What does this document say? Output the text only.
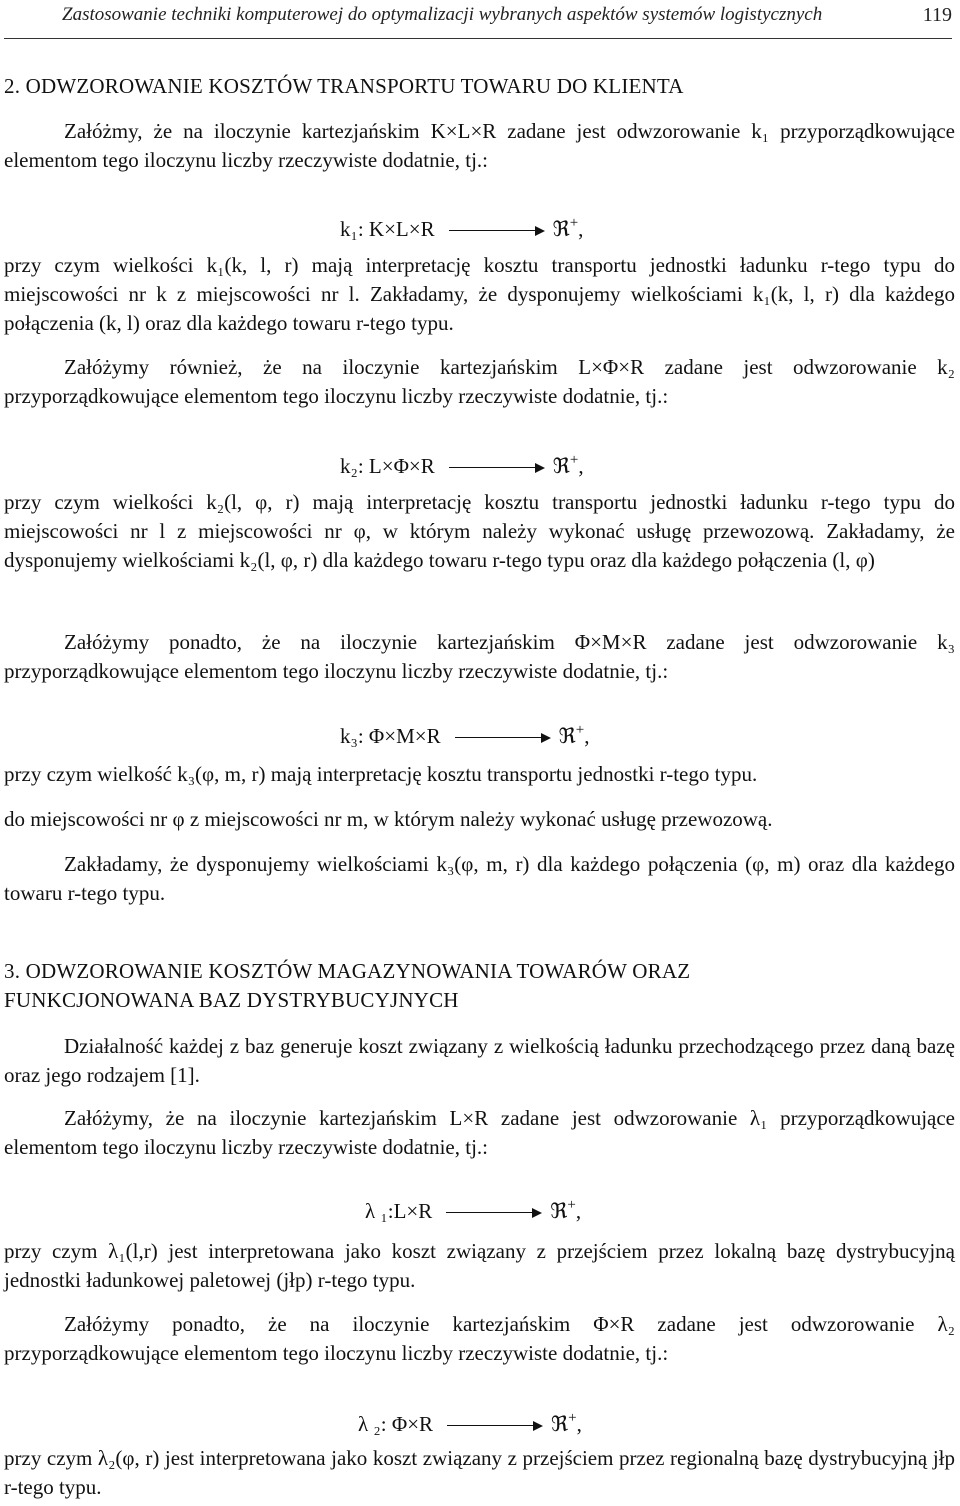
Zastosowanie techniki komputerowej do optymalizacji wybranych aspektów systemów logistycznych	119
2. ODWZOROWANIE KOSZTÓW TRANSPORTU TOWARU DO KLIENTA
Załóżmy, że na iloczynie kartezjańskim K×L×R zadane jest odwzorowanie k₁ przyporządkowujące elementom tego iloczynu liczby rzeczywiste dodatnie, tj.:
k₁: K×L×R	ℜ+,
przy czym wielkości k₁(k, l, r) mają interpretację kosztu transportu jednostki ładunku r-tego typu do miejscowości nr k z miejscowości nr l. Zakładamy, że dysponujemy wielkościami k₁(k, l, r) dla każdego połączenia (k, l) oraz dla każdego towaru r-tego typu.
Załóżymy również, że na iloczynie kartezjańskim L×Φ×R zadane jest odwzorowanie k₂ przyporządkowujące elementom tego iloczynu liczby rzeczywiste dodatnie, tj.:
k₂: L×Φ×R	ℜ+,
przy czym wielkości k₂(l, φ, r) mają interpretację kosztu transportu jednostki ładunku r-tego typu do miejscowości nr l z miejscowości nr φ, w którym należy wykonać usługę przewozową. Zakładamy, że dysponujemy wielkościami k₂(l, φ, r) dla każdego towaru r-tego typu oraz dla każdego połączenia (l, φ)
Załóżymy ponadto, że na iloczynie kartezjańskim Φ×M×R zadane jest odwzorowanie k₃ przyporządkowujące elementom tego iloczynu liczby rzeczywiste dodatnie, tj.:
k₃: Φ×M×R	ℜ+,
przy czym wielkość k₃(φ, m, r) mają interpretację kosztu transportu jednostki r-tego typu.
do miejscowości nr φ z miejscowości nr m, w którym należy wykonać usługę przewozową.
Zakładamy, że dysponujemy wielkościami k₃(φ, m, r) dla każdego połączenia (φ, m) oraz dla każdego towaru r-tego typu.
3. ODWZOROWANIE KOSZTÓW MAGAZYNOWANIA TOWARÓW ORAZ
FUNKCJONOWANA BAZ DYSTRYBUCYJNYCH
Działalność każdej z baz generuje koszt związany z wielkością ładunku przechodzącego przez daną bazę oraz jego rodzajem [1].
Załóżymy, że na iloczynie kartezjańskim L×R zadane jest odwzorowanie λ₁ przyporządkowujące elementom tego iloczynu liczby rzeczywiste dodatnie, tj.:
λ ₁:L×R	ℜ+,
przy czym λ₁(l,r) jest interpretowana jako koszt związany z przejściem przez lokalną bazę dystrybucyjną jednostki ładunkowej paletowej (jłp) r-tego typu.
Załóżymy ponadto, że na iloczynie kartezjańskim Φ×R zadane jest odwzorowanie λ₂ przyporządkowujące elementom tego iloczynu liczby rzeczywiste dodatnie, tj.:
λ ₂: Φ×R	ℜ+,
przy czym λ₂(φ, r) jest interpretowana jako koszt związany z przejściem przez regionalną bazę dystrybucyjną jłp r-tego typu.
